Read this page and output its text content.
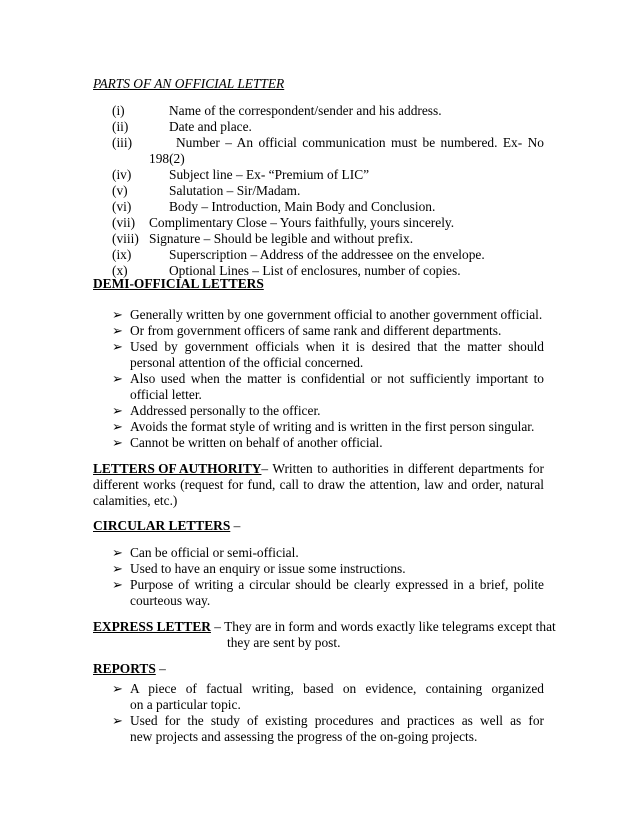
PARTS OF AN OFFICIAL LETTER
(i)	Name of the correspondent/sender and his address.
(ii)	Date and place.
(iii)	Number – An official communication must be numbered. Ex- No
198(2)
(iv)	Subject line – Ex- “Premium of LIC”
(v)	Salutation – Sir/Madam.
(vi)	Body – Introduction, Main Body and Conclusion.
(vii) Complimentary Close – Yours faithfully, yours sincerely.
(viii) Signature – Should be legible and without prefix.
(ix)	Superscription – Address of the addressee on the envelope.
(x)	Optional Lines – List of enclosures, number of copies.
DEMI-OFFICIAL LETTERS
➢ Generally written by one government official to another government official.
➢ Or from government officers of same rank and different departments.
➢ Used by government officials when it is desired that the matter should
personal attention of the official concerned.
➢ Also used when the matter is confidential or not sufficiently important to
official letter.
➢ Addressed personally to the officer.
➢ Avoids the format style of writing and is written in the first person singular.
➢ Cannot be written on behalf of another official.
LETTERS OF AUTHORITY – Written to authorities in different departments for
different works (request for fund, call to draw the attention, law and order, natural
calamities, etc.)
CIRCULAR LETTERS –
➢ Can be official or semi-official.
➢ Used to have an enquiry or issue some instructions.
➢ Purpose of writing a circular should be clearly expressed in a brief, polite
courteous way.
EXPRESS LETTER – They are in form and words exactly like telegrams except that
they are sent by post.
REPORTS –
➢ A piece of factual writing, based on evidence, containing organized
on a particular topic.
➢ Used for the study of existing procedures and practices as well as for
new projects and assessing the progress of the on-going projects.
